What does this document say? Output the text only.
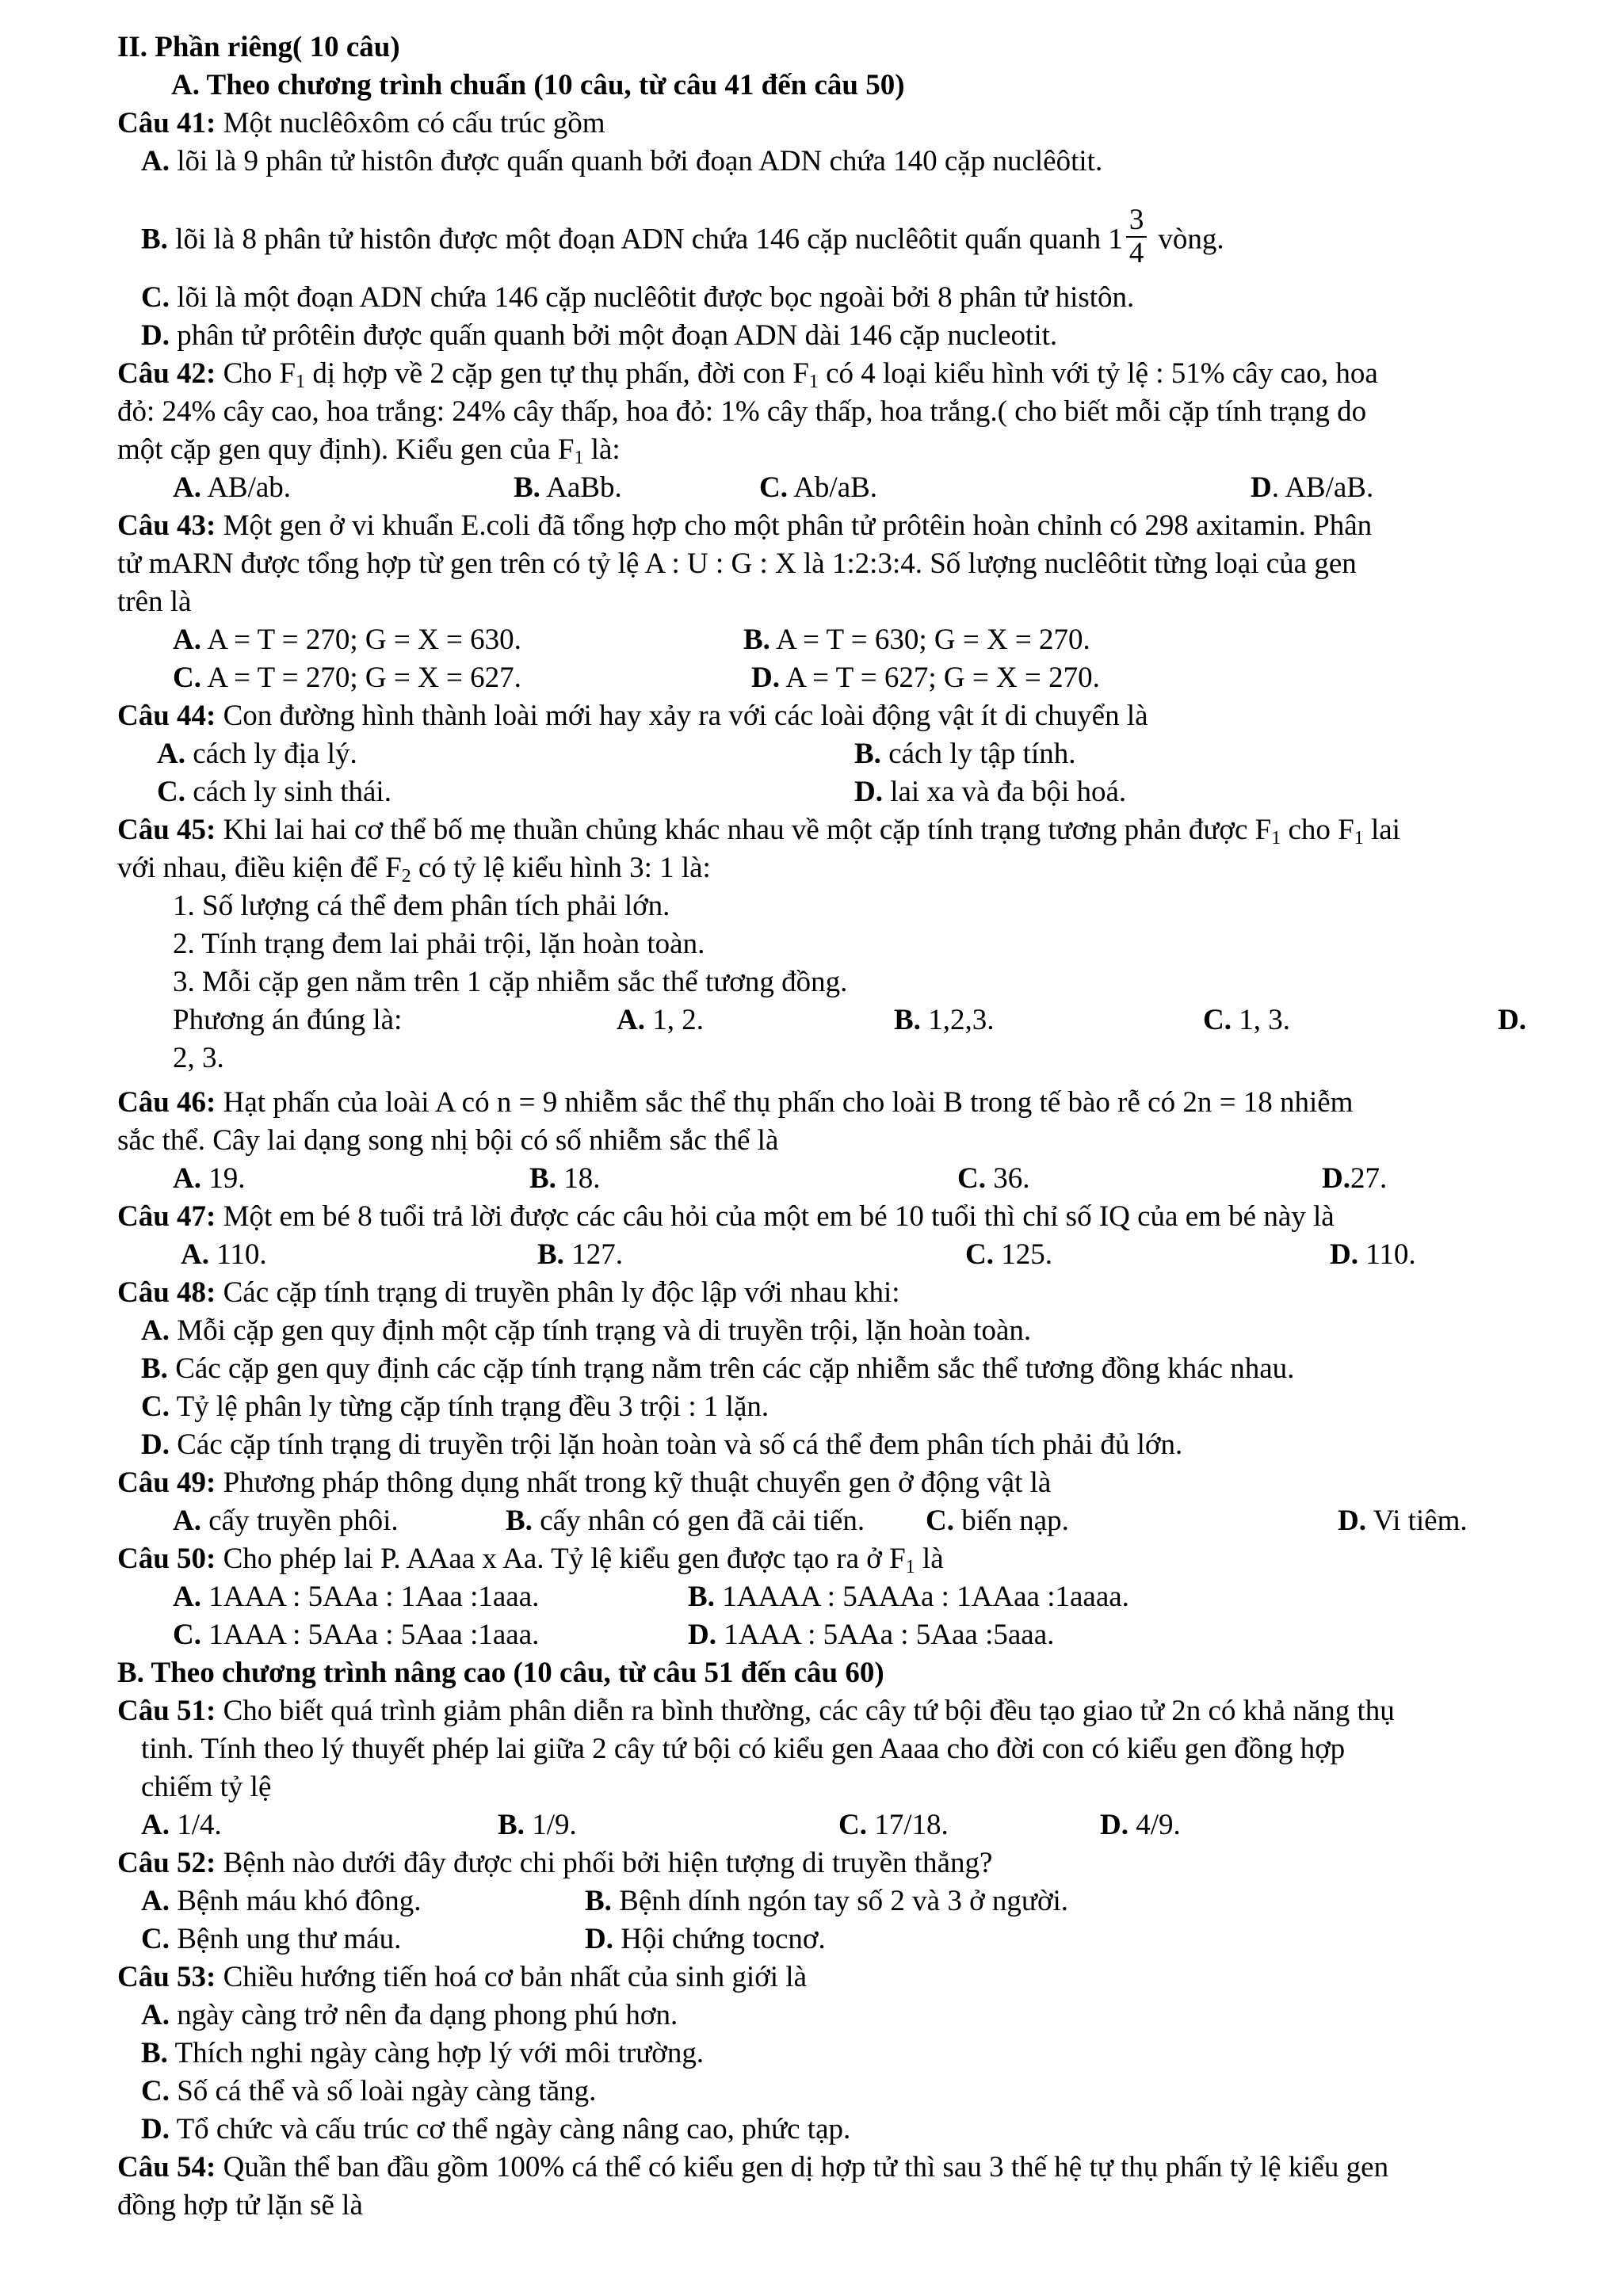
II. Phần riêng( 10 câu)
A. Theo chương trình chuẩn (10 câu, từ câu 41 đến câu 50)
Câu 41: Một nuclêôxôm có cấu trúc gồm
A. lõi là 9 phân tử histôn được quấn quanh bởi đoạn ADN chứa 140 cặp nuclêôtit.
B. lõi là 8 phân tử histôn được một đoạn ADN chứa 146 cặp nuclêôtit quấn quanh $1 \frac{3}{4}$ vòng.
C. lõi là một đoạn ADN chứa 146 cặp nuclêôtit được bọc ngoài bởi 8 phân tử histôn.
D. phân tử prôtêin được quấn quanh bởi một đoạn ADN dài 146 cặp nucleotit.
Câu 42: Cho $F_1$ dị hợp về 2 cặp gen tự thụ phấn, đời con $F_1$ có 4 loại kiểu hình với tỷ lệ : 51% cây cao, hoa
đỏ: 24% cây cao, hoa trắng: 24% cây thấp, hoa đỏ: 1% cây thấp, hoa trắng.( cho biết mỗi cặp tính trạng do
một cặp gen quy định). Kiểu gen của $F_1$ là:
A. AB/ab.	B. AaBb.	C. Ab/aB.	D. AB/aB.
Câu 43: Một gen ở vi khuẩn E.coli đã tổng hợp cho một phân tử prôtêin hoàn chỉnh có 298 axitamin. Phân
tử mARN được tổng hợp từ gen trên có tỷ lệ A : U : G : X là 1:2:3:4. Số lượng nuclêôtit từng loại của gen
trên là
A. A = T = 270; G = X = 630.	B. A = T = 630; G = X = 270.
C. A = T = 270; G = X = 627.	D. A = T = 627; G = X = 270.
Câu 44: Con đường hình thành loài mới hay xảy ra với các loài động vật ít di chuyển là
A. cách ly địa lý.	B. cách ly tập tính.
C. cách ly sinh thái.	D. lai xa và đa bội hoá.
Câu 45: Khi lai hai cơ thể bố mẹ thuần chủng khác nhau về một cặp tính trạng tương phản được $F_1$ cho $F_1$ lai
với nhau, điều kiện để $F_2$ có tỷ lệ kiểu hình 3: 1 là:
1. Số lượng cá thể đem phân tích phải lớn.
2. Tính trạng đem lai phải trội, lặn hoàn toàn.
3. Mỗi cặp gen nằm trên 1 cặp nhiễm sắc thể tương đồng.
Phương án đúng là:	A. 1, 2.	B. 1,2,3.	C. 1, 3.	D.
2, 3.
Câu 46: Hạt phấn của loài A có n = 9 nhiễm sắc thể thụ phấn cho loài B trong tế bào rễ có 2n = 18 nhiễm
sắc thể. Cây lai dạng song nhị bội có số nhiễm sắc thể là
A. 19.	B. 18.	C. 36.	D.27.
Câu 47: Một em bé 8 tuổi trả lời được các câu hỏi của một em bé 10 tuổi thì chỉ số IQ của em bé này là
A. 110.	B. 127.	C. 125.	D. 110.
Câu 48: Các cặp tính trạng di truyền phân ly độc lập với nhau khi:
A. Mỗi cặp gen quy định một cặp tính trạng và di truyền trội, lặn hoàn toàn.
B. Các cặp gen quy định các cặp tính trạng nằm trên các cặp nhiễm sắc thể tương đồng khác nhau.
C. Tỷ lệ phân ly từng cặp tính trạng đều 3 trội : 1 lặn.
D. Các cặp tính trạng di truyền trội lặn hoàn toàn và số cá thể đem phân tích phải đủ lớn.
Câu 49: Phương pháp thông dụng nhất trong kỹ thuật chuyển gen ở động vật là
A. cấy truyền phôi.	B. cấy nhân có gen đã cải tiến. C. biến nạp.	D. Vi tiêm.
Câu 50: Cho phép lai P. AAaa x Aa. Tỷ lệ kiểu gen được tạo ra ở $F_1$ là
A. 1AAA : 5AAa : 1Aaa :1aaa.	B. 1AAAA : 5AAAa : 1AAaa :1aaaa.
C. 1AAA : 5AAa : 5Aaa :1aaa.	D. 1AAA : 5AAa : 5Aaa :5aaa.
B. Theo chương trình nâng cao (10 câu, từ câu 51 đến câu 60)
Câu 51: Cho biết quá trình giảm phân diễn ra bình thường, các cây tứ bội đều tạo giao tử 2n có khả năng thụ
tinh. Tính theo lý thuyết phép lai giữa 2 cây tứ bội có kiểu gen Aaaa cho đời con có kiểu gen đồng hợp
chiếm tỷ lệ
A. 1/4.	B. 1/9.	C. 17/18.	D. 4/9.
Câu 52: Bệnh nào dưới đây được chi phối bởi hiện tượng di truyền thẳng?
A. Bệnh máu khó đông.	B. Bệnh dính ngón tay số 2 và 3 ở người.
C. Bệnh ung thư máu.	D. Hội chứng tocnơ.
Câu 53: Chiều hướng tiến hoá cơ bản nhất của sinh giới là
A. ngày càng trở nên đa dạng phong phú hơn.
B. Thích nghi ngày càng hợp lý với môi trường.
C. Số cá thể và số loài ngày càng tăng.
D. Tổ chức và cấu trúc cơ thể ngày càng nâng cao, phức tạp.
Câu 54: Quần thể ban đầu gồm 100% cá thể có kiểu gen dị hợp tử thì sau 3 thế hệ tự thụ phấn tỷ lệ kiểu gen
đồng hợp tử lặn sẽ là
